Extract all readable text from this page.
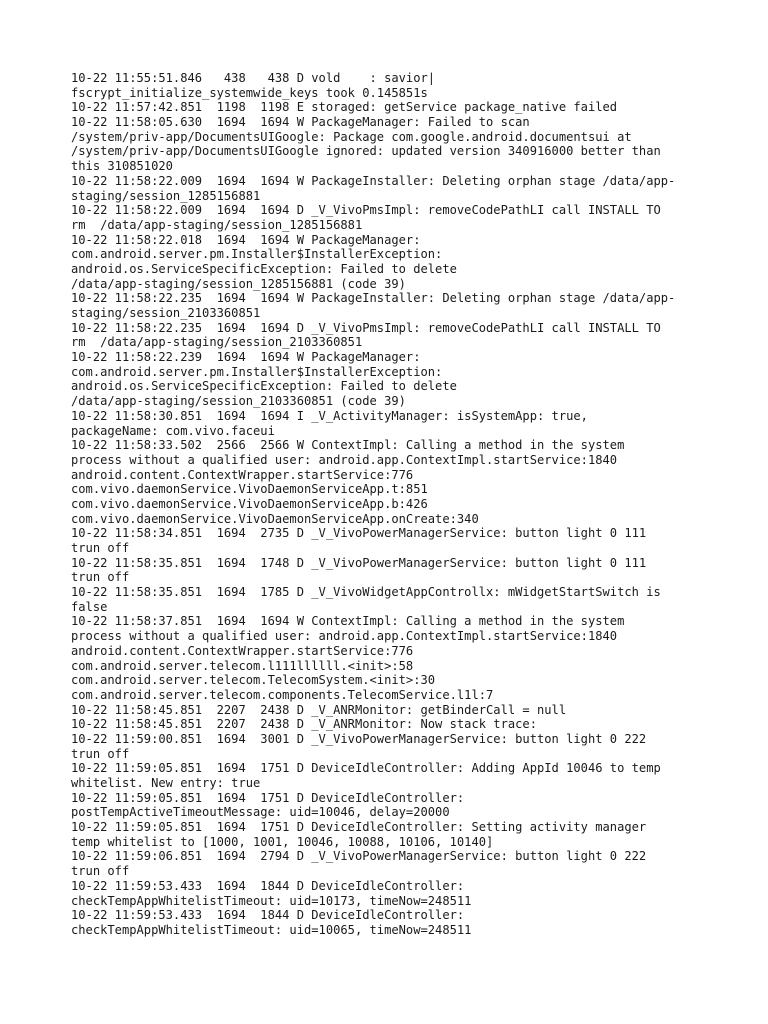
10-22 11:55:51.846   438   438 D vold    : savior|
fscrypt_initialize_systemwide_keys took 0.145851s
10-22 11:57:42.851  1198  1198 E storaged: getService package_native failed
10-22 11:58:05.630  1694  1694 W PackageManager: Failed to scan
/system/priv-app/DocumentsUIGoogle: Package com.google.android.documentsui at
/system/priv-app/DocumentsUIGoogle ignored: updated version 340916000 better than
this 310851020
10-22 11:58:22.009  1694  1694 W PackageInstaller: Deleting orphan stage /data/app-
staging/session_1285156881
10-22 11:58:22.009  1694  1694 D _V_VivoPmsImpl: removeCodePathLI call INSTALL TO
rm  /data/app-staging/session_1285156881
10-22 11:58:22.018  1694  1694 W PackageManager:
com.android.server.pm.Installer$InstallerException:
android.os.ServiceSpecificException: Failed to delete
/data/app-staging/session_1285156881 (code 39)
10-22 11:58:22.235  1694  1694 W PackageInstaller: Deleting orphan stage /data/app-
staging/session_2103360851
10-22 11:58:22.235  1694  1694 D _V_VivoPmsImpl: removeCodePathLI call INSTALL TO
rm  /data/app-staging/session_2103360851
10-22 11:58:22.239  1694  1694 W PackageManager:
com.android.server.pm.Installer$InstallerException:
android.os.ServiceSpecificException: Failed to delete
/data/app-staging/session_2103360851 (code 39)
10-22 11:58:30.851  1694  1694 I _V_ActivityManager: isSystemApp: true,
packageName: com.vivo.faceui
10-22 11:58:33.502  2566  2566 W ContextImpl: Calling a method in the system
process without a qualified user: android.app.ContextImpl.startService:1840
android.content.ContextWrapper.startService:776
com.vivo.daemonService.VivoDaemonServiceApp.t:851
com.vivo.daemonService.VivoDaemonServiceApp.b:426
com.vivo.daemonService.VivoDaemonServiceApp.onCreate:340
10-22 11:58:34.851  1694  2735 D _V_VivoPowerManagerService: button light 0 111
trun off
10-22 11:58:35.851  1694  1748 D _V_VivoPowerManagerService: button light 0 111
trun off
10-22 11:58:35.851  1694  1785 D _V_VivoWidgetAppControllx: mWidgetStartSwitch is
false
10-22 11:58:37.851  1694  1694 W ContextImpl: Calling a method in the system
process without a qualified user: android.app.ContextImpl.startService:1840
android.content.ContextWrapper.startService:776
com.android.server.telecom.l111llllll.<init>:58
com.android.server.telecom.TelecomSystem.<init>:30
com.android.server.telecom.components.TelecomService.l1l:7
10-22 11:58:45.851  2207  2438 D _V_ANRMonitor: getBinderCall = null
10-22 11:58:45.851  2207  2438 D _V_ANRMonitor: Now stack trace:
10-22 11:59:00.851  1694  3001 D _V_VivoPowerManagerService: button light 0 222
trun off
10-22 11:59:05.851  1694  1751 D DeviceIdleController: Adding AppId 10046 to temp
whitelist. New entry: true
10-22 11:59:05.851  1694  1751 D DeviceIdleController:
postTempActiveTimeoutMessage: uid=10046, delay=20000
10-22 11:59:05.851  1694  1751 D DeviceIdleController: Setting activity manager
temp whitelist to [1000, 1001, 10046, 10088, 10106, 10140]
10-22 11:59:06.851  1694  2794 D _V_VivoPowerManagerService: button light 0 222
trun off
10-22 11:59:53.433  1694  1844 D DeviceIdleController:
checkTempAppWhitelistTimeout: uid=10173, timeNow=248511
10-22 11:59:53.433  1694  1844 D DeviceIdleController:
checkTempAppWhitelistTimeout: uid=10065, timeNow=248511
